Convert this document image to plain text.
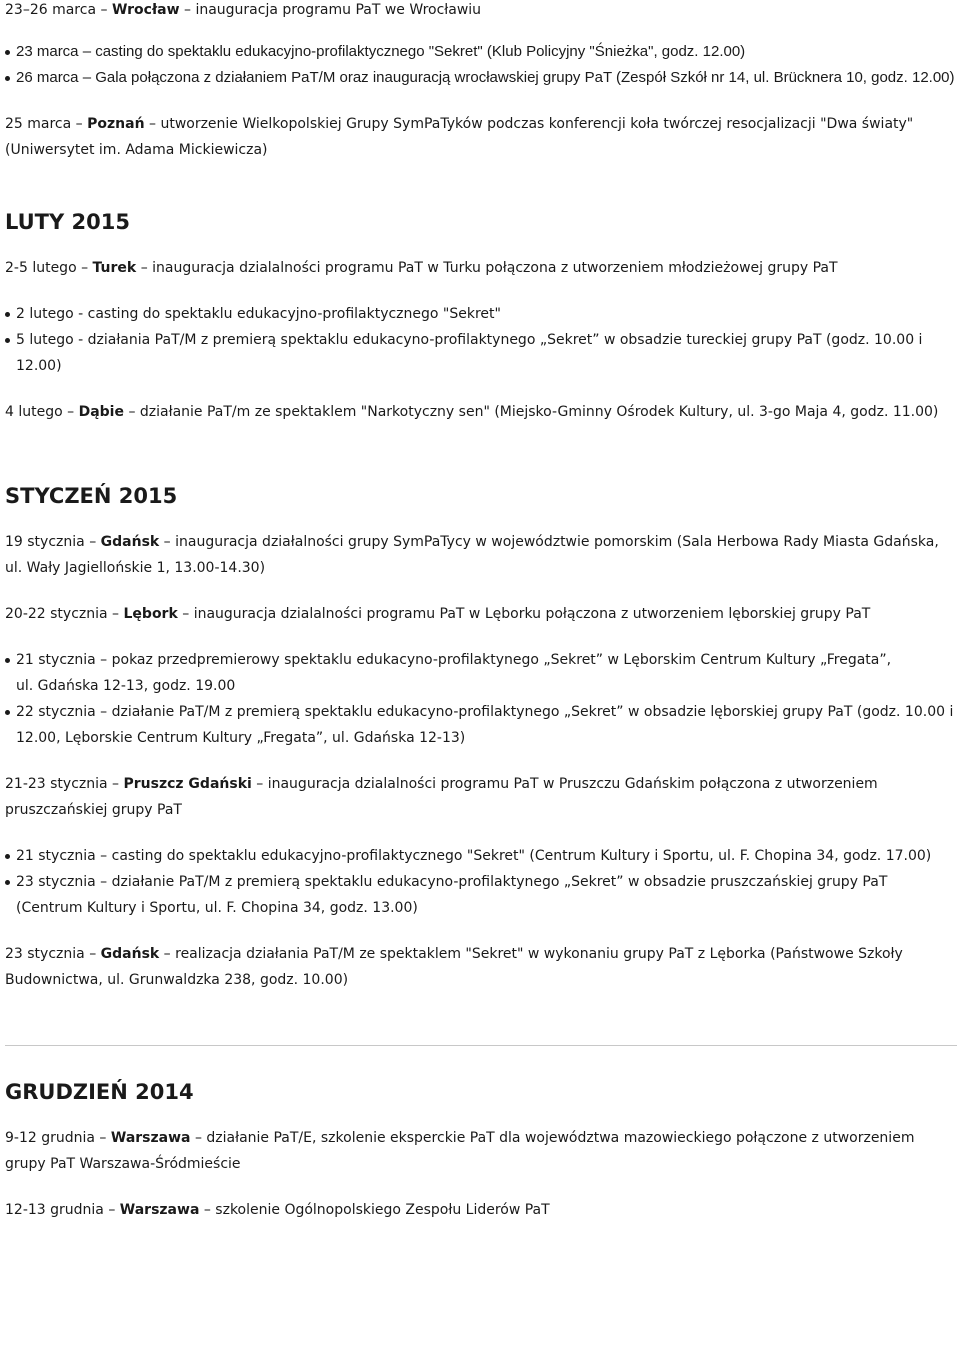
23–26 marca – Wrocław – inauguracja programu PaT we Wrocławiu

23 marca – casting do spektaklu edukacyjno-profilaktycznego "Sekret" (Klub Policyjny "Śnieżka", godz. 12.00)
26 marca – Gala połączona z działaniem PaT/M oraz inauguracją wrocławskiej grupy PaT (Zespół Szkół nr 14, ul. Brücknera 10, godz. 12.00)

25 marca – Poznań – utworzenie Wielkopolskiej Grupy SymPaTyków podczas konferencji koła twórczej resocjalizacji "Dwa światy" (Uniwersytet im. Adama Mickiewicza)

LUTY 2015

2-5 lutego – Turek – inauguracja dzialalności programu PaT w Turku połączona z utworzeniem młodzieżowej grupy PaT

2 lutego - casting do spektaklu edukacyjno-profilaktycznego "Sekret"
5 lutego - działania PaT/M z premierą spektaklu edukacyno-profilaktynego „Sekret” w obsadzie tureckiej grupy PaT (godz. 10.00 i 12.00)

4 lutego – Dąbie – działanie PaT/m ze spektaklem "Narkotyczny sen" (Miejsko-Gminny Ośrodek Kultury, ul. 3-go Maja 4, godz. 11.00)

STYCZEŃ 2015

19 stycznia – Gdańsk – inauguracja działalności grupy SymPaTycy w województwie pomorskim (Sala Herbowa Rady Miasta Gdańska, ul. Wały Jagiellońskie 1, 13.00-14.30)

20-22 stycznia – Lębork – inauguracja dzialalności programu PaT w Lęborku połączona z utworzeniem lęborskiej grupy PaT

21 stycznia – pokaz przedpremierowy spektaklu edukacyno-profilaktynego „Sekret” w Lęborskim Centrum Kultury „Fregata”,
ul. Gdańska 12-13, godz. 19.00
22 stycznia – działanie PaT/M z premierą spektaklu edukacyno-profilaktynego „Sekret” w obsadzie lęborskiej grupy PaT (godz. 10.00 i 12.00, Lęborskie Centrum Kultury „Fregata”, ul. Gdańska 12-13)

21-23 stycznia – Pruszcz Gdański – inauguracja dzialalności programu PaT w Pruszczu Gdańskim połączona z utworzeniem pruszczańskiej grupy PaT

21 stycznia – casting do spektaklu edukacyjno-profilaktycznego "Sekret" (Centrum Kultury i Sportu, ul. F. Chopina 34, godz. 17.00)
23 stycznia – działanie PaT/M z premierą spektaklu edukacyno-profilaktynego „Sekret” w obsadzie pruszczańskiej grupy PaT (Centrum Kultury i Sportu, ul. F. Chopina 34, godz. 13.00)

23 stycznia – Gdańsk – realizacja działania PaT/M ze spektaklem "Sekret" w wykonaniu grupy PaT z Lęborka (Państwowe Szkoły Budownictwa, ul. Grunwaldzka 238, godz. 10.00)

GRUDZIEŃ 2014

9-12 grudnia – Warszawa – działanie PaT/E, szkolenie eksperckie PaT dla województwa mazowieckiego połączone z utworzeniem grupy PaT Warszawa-Śródmieście

12-13 grudnia – Warszawa – szkolenie Ogólnopolskiego Zespołu Liderów PaT
